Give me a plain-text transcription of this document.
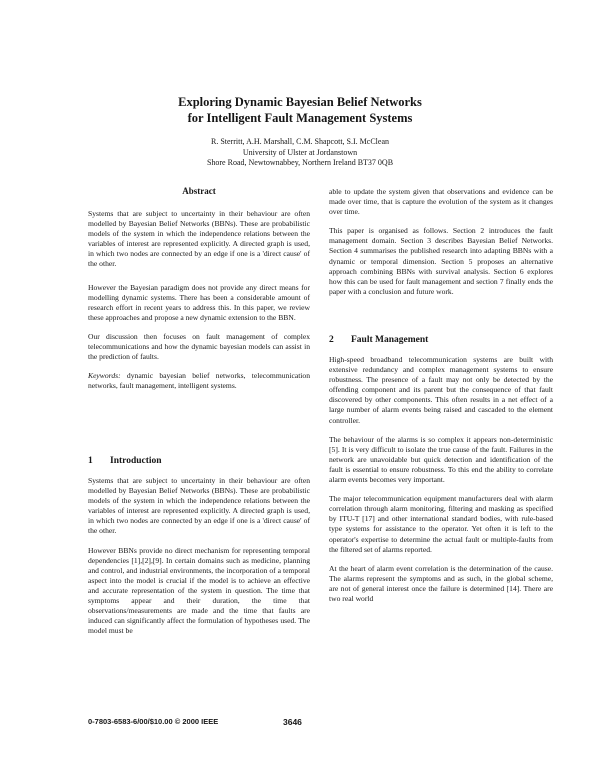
Exploring Dynamic Bayesian Belief Networks
for Intelligent Fault Management Systems
R. Sterritt, A.H. Marshall, C.M. Shapcott, S.I. McClean
University of Ulster at Jordanstown
Shore Road, Newtownabbey, Northern Ireland BT37 0QB
Abstract

Systems that are subject to uncertainty in their behaviour are often modelled by Bayesian Belief Networks (BBNs). These are probabilistic models of the system in which the independence relations between the variables of interest are represented explicitly. A directed graph is used, in which two nodes are connected by an edge if one is a 'direct cause' of the other.

However the Bayesian paradigm does not provide any direct means for modelling dynamic systems. There has been a considerable amount of research effort in recent years to address this. In this paper, we review these approaches and propose a new dynamic extension to the BBN.

Our discussion then focuses on fault management of complex telecommunications and how the dynamic bayesian models can assist in the prediction of faults.

Keywords: dynamic bayesian belief networks, telecommunication networks, fault management, intelligent systems.

1 Introduction

Systems that are subject to uncertainty in their behaviour are often modelled by Bayesian Belief Networks (BBNs). These are probabilistic models of the system in which the independence relations between the variables of interest are represented explicitly. A directed graph is used, in which two nodes are connected by an edge if one is a 'direct cause' of the other.

However BBNs provide no direct mechanism for representing temporal dependencies [1],[2],[9]. In certain domains such as medicine, planning and control, and industrial environments, the incorporation of a temporal aspect into the model is crucial if the model is to achieve an effective and accurate representation of the system in question. The time that symptoms appear and their duration, the time that observations/measurements are made and the time that faults are induced can significantly affect the formulation of hypotheses used. The model must be

able to update the system given that observations and evidence can be made over time, that is capture the evolution of the system as it changes over time.

This paper is organised as follows. Section 2 introduces the fault management domain. Section 3 describes Bayesian Belief Networks. Section 4 summarises the published research into adapting BBNs with a dynamic or temporal dimension. Section 5 proposes an alternative approach combining BBNs with survival analysis. Section 6 explores how this can be used for fault management and section 7 finally ends the paper with a conclusion and future work.

2 Fault Management

High-speed broadband telecommunication systems are built with extensive redundancy and complex management systems to ensure robustness. The presence of a fault may not only be detected by the offending component and its parent but the consequence of that fault discovered by other components. This often results in a net effect of a large number of alarm events being raised and cascaded to the element controller.

The behaviour of the alarms is so complex it appears non-deterministic [5]. It is very difficult to isolate the true cause of the fault. Failures in the network are unavoidable but quick detection and identification of the fault is essential to ensure robustness. To this end the ability to correlate alarm events becomes very important.

The major telecommunication equipment manufacturers deal with alarm correlation through alarm monitoring, filtering and masking as specified by ITU-T [17] and other international standard bodies, with rule-based type systems for assistance to the operator. Yet often it is left to the operator's expertise to determine the actual fault or multiple-faults from the filtered set of alarms reported.

At the heart of alarm event correlation is the determination of the cause. The alarms represent the symptoms and as such, in the global scheme, are not of general interest once the failure is determined [14]. There are two real world

0-7803-6583-6/00/$10.00 © 2000 IEEE	3646
